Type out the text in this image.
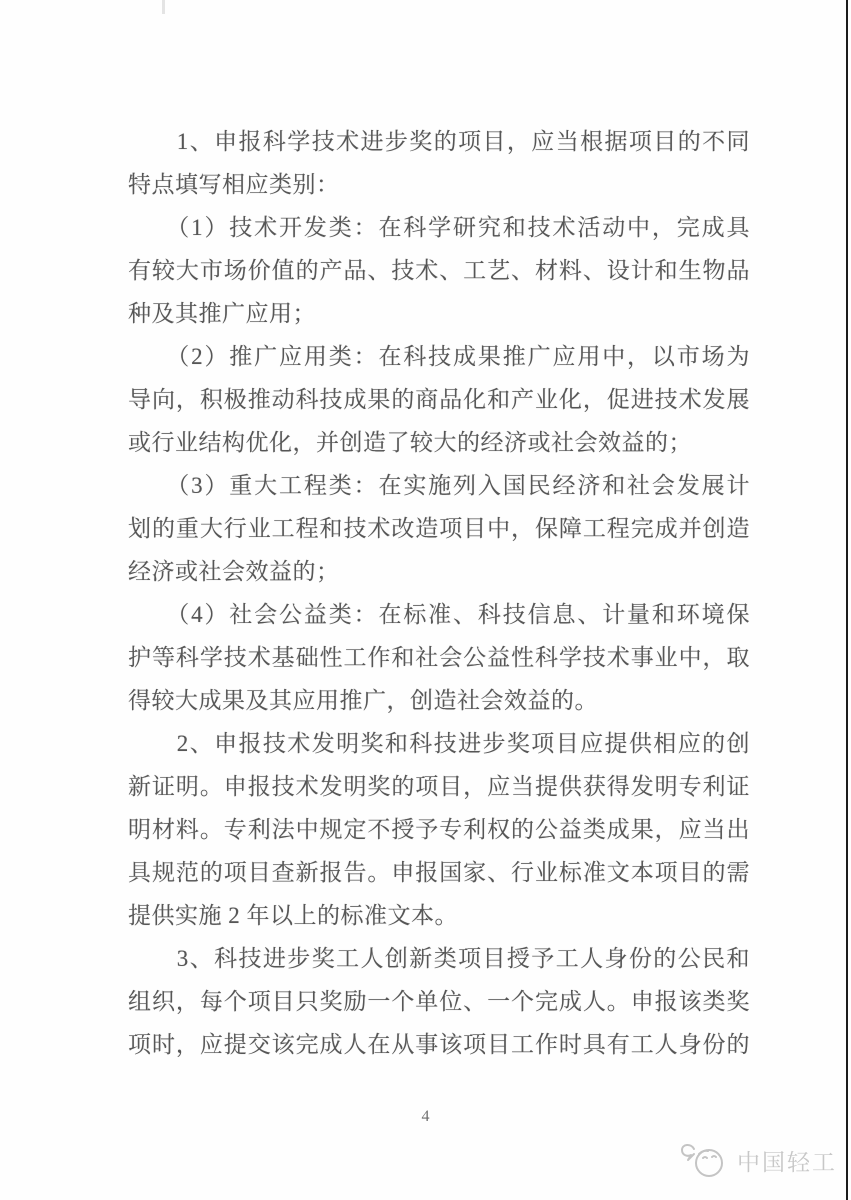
　　1、申报科学技术进步奖的项目，应当根据项目的不同
特点填写相应类别：
　　（1）技术开发类：在科学研究和技术活动中，完成具
有较大市场价值的产品、技术、工艺、材料、设计和生物品
种及其推广应用；
　　（2）推广应用类：在科技成果推广应用中，以市场为
导向，积极推动科技成果的商品化和产业化，促进技术发展
或行业结构优化，并创造了较大的经济或社会效益的；
　　（3）重大工程类：在实施列入国民经济和社会发展计
划的重大行业工程和技术改造项目中，保障工程完成并创造
经济或社会效益的；
　　（4）社会公益类：在标准、科技信息、计量和环境保
护等科学技术基础性工作和社会公益性科学技术事业中，取
得较大成果及其应用推广，创造社会效益的。
　　2、申报技术发明奖和科技进步奖项目应提供相应的创
新证明。申报技术发明奖的项目，应当提供获得发明专利证
明材料。专利法中规定不授予专利权的公益类成果，应当出
具规范的项目查新报告。申报国家、行业标准文本项目的需
提供实施 2 年以上的标准文本。
　　3、科技进步奖工人创新类项目授予工人身份的公民和
组织，每个项目只奖励一个单位、一个完成人。申报该类奖
项时，应提交该完成人在从事该项目工作时具有工人身份的
4
中国轻工
